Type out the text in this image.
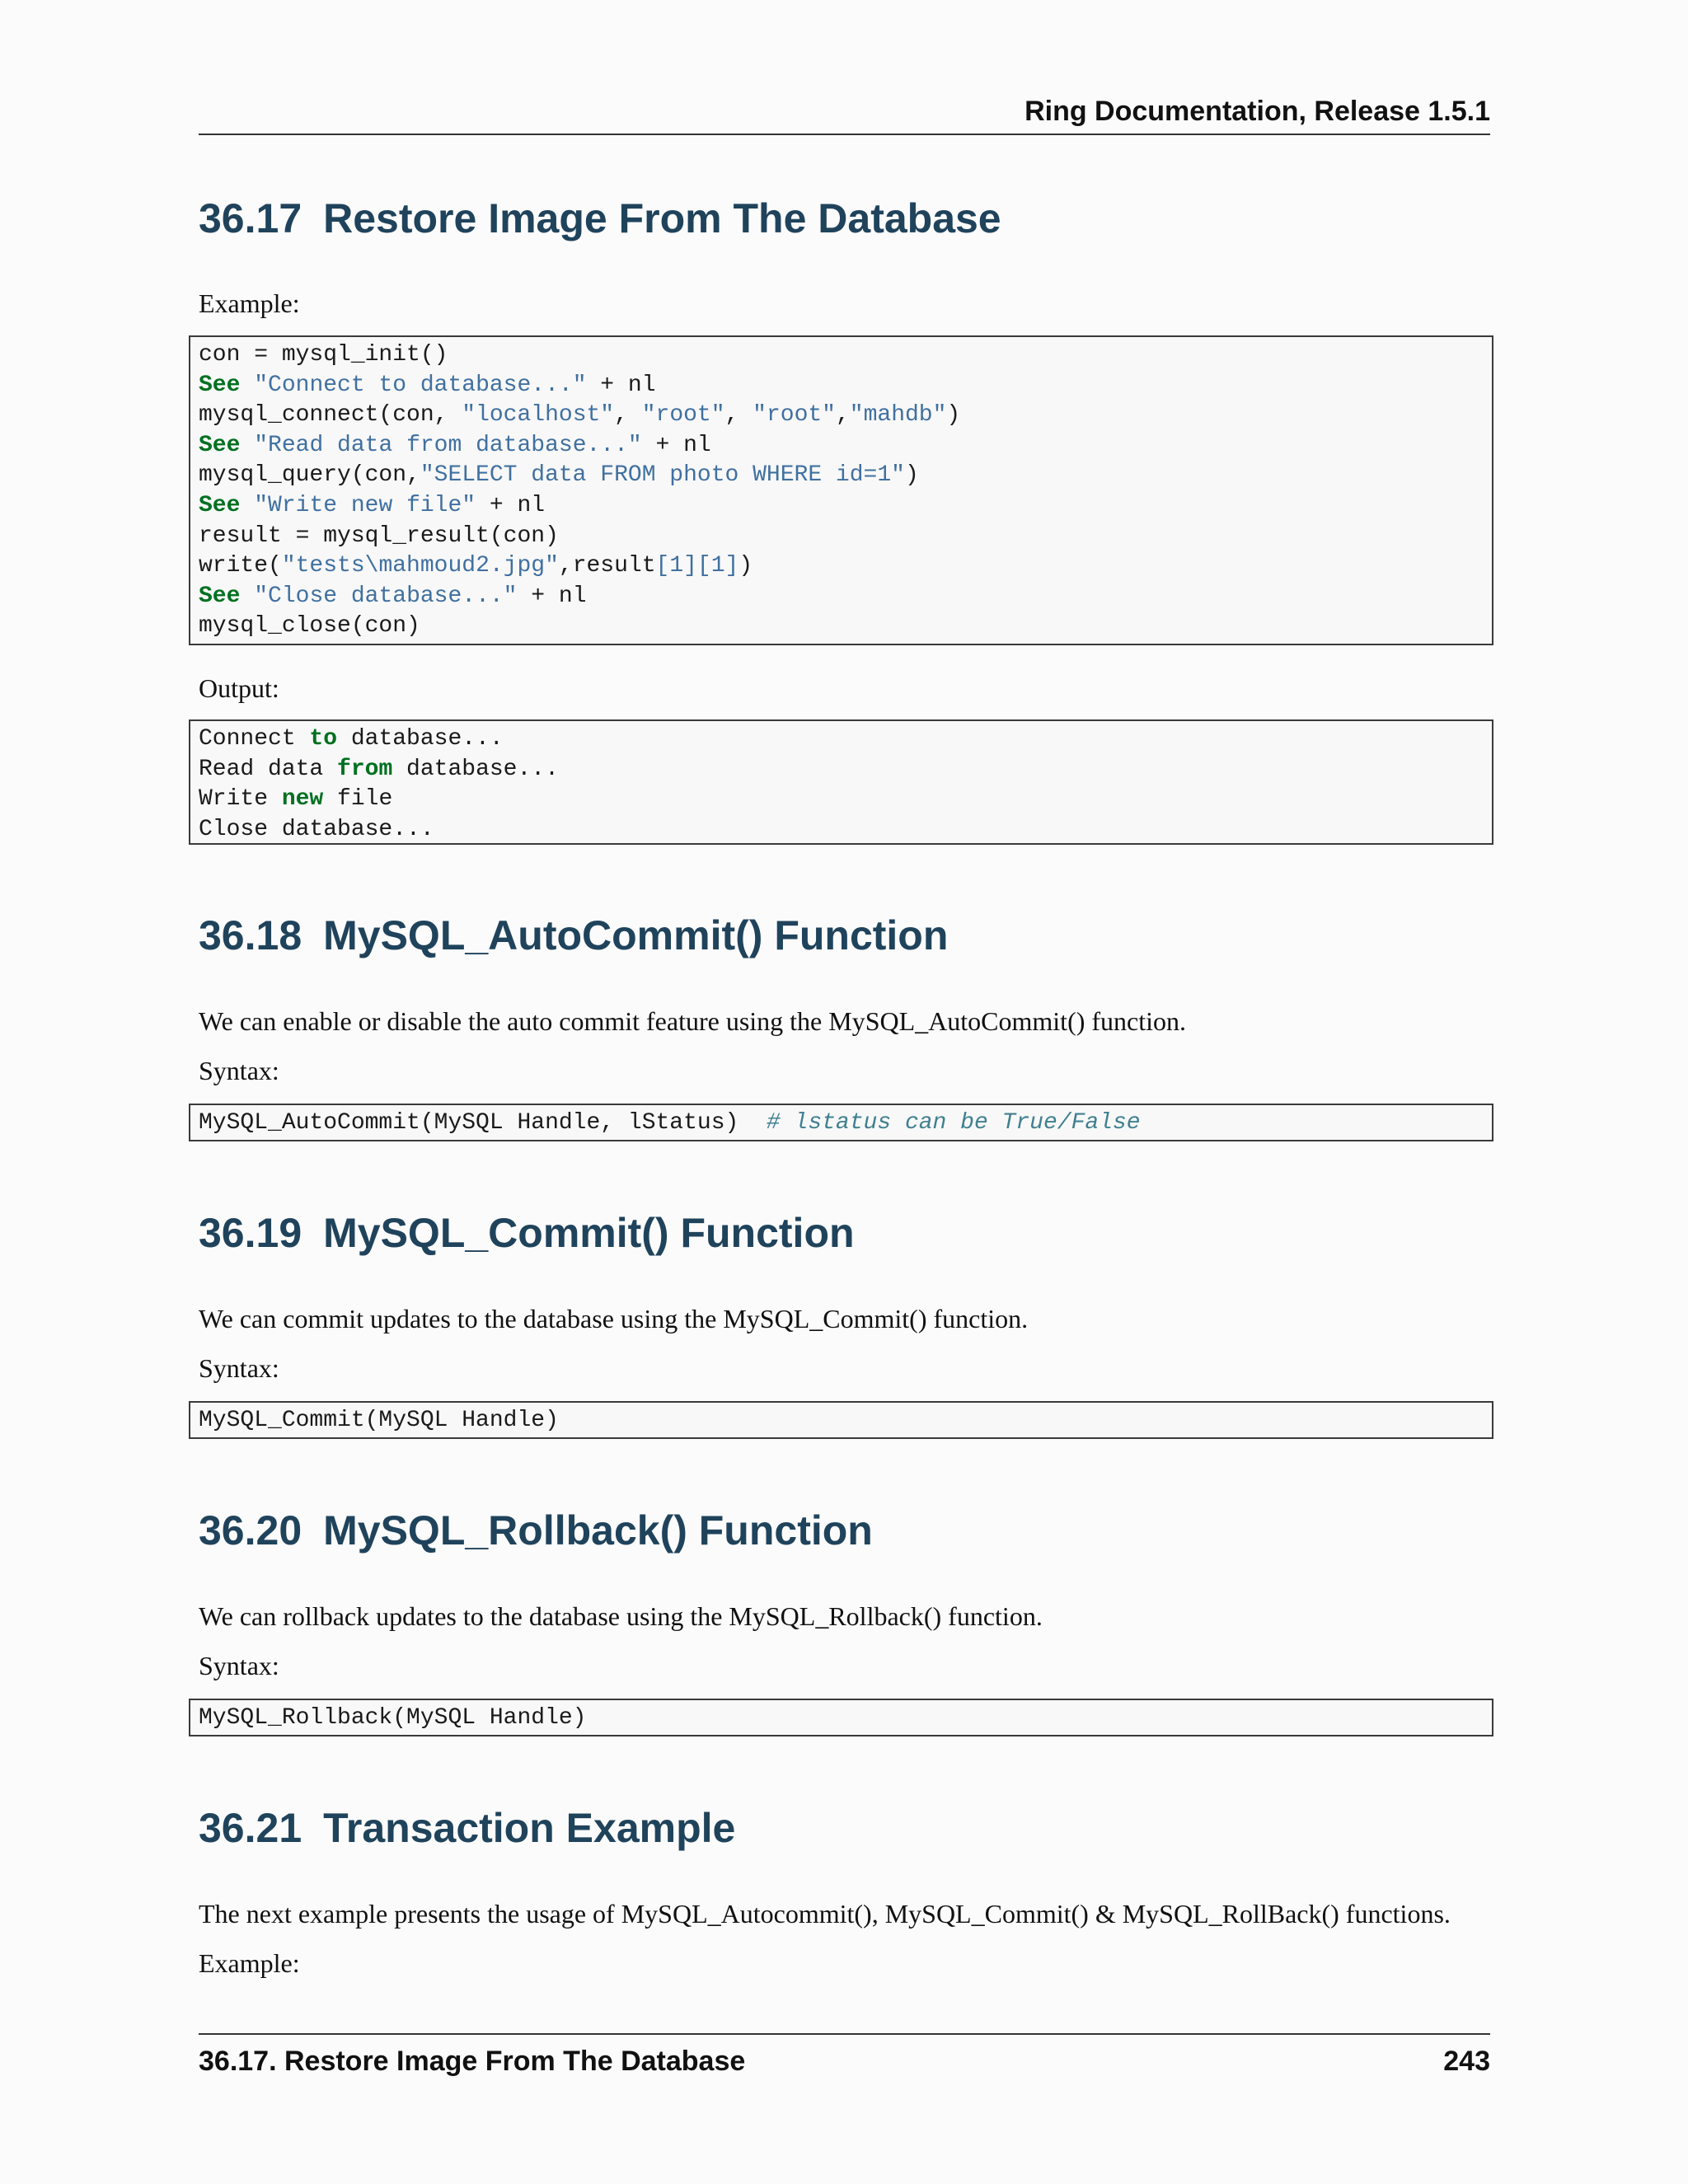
Ring Documentation, Release 1.5.1
36.17 Restore Image From The Database

Example:

con = mysql_init()
See "Connect to database..." + nl
mysql_connect(con, "localhost", "root", "root","mahdb")
See "Read data from database..." + nl
mysql_query(con,"SELECT data FROM photo WHERE id=1")
See "Write new file" + nl
result = mysql_result(con)
write("tests\mahmoud2.jpg",result[1][1])
See "Close database..." + nl
mysql_close(con)

Output:

Connect to database...
Read data from database...
Write new file
Close database...
36.18 MySQL_AutoCommit() Function

We can enable or disable the auto commit feature using the MySQL_AutoCommit() function.

Syntax:

MySQL_AutoCommit(MySQL Handle, lStatus)  # lstatus can be True/False
36.19 MySQL_Commit() Function

We can commit updates to the database using the MySQL_Commit() function.

Syntax:

MySQL_Commit(MySQL Handle)
36.20 MySQL_Rollback() Function

We can rollback updates to the database using the MySQL_Rollback() function.

Syntax:

MySQL_Rollback(MySQL Handle)
36.21 Transaction Example

The next example presents the usage of MySQL_Autocommit(), MySQL_Commit() & MySQL_RollBack() functions.

Example:

36.17. Restore Image From The Database	243
